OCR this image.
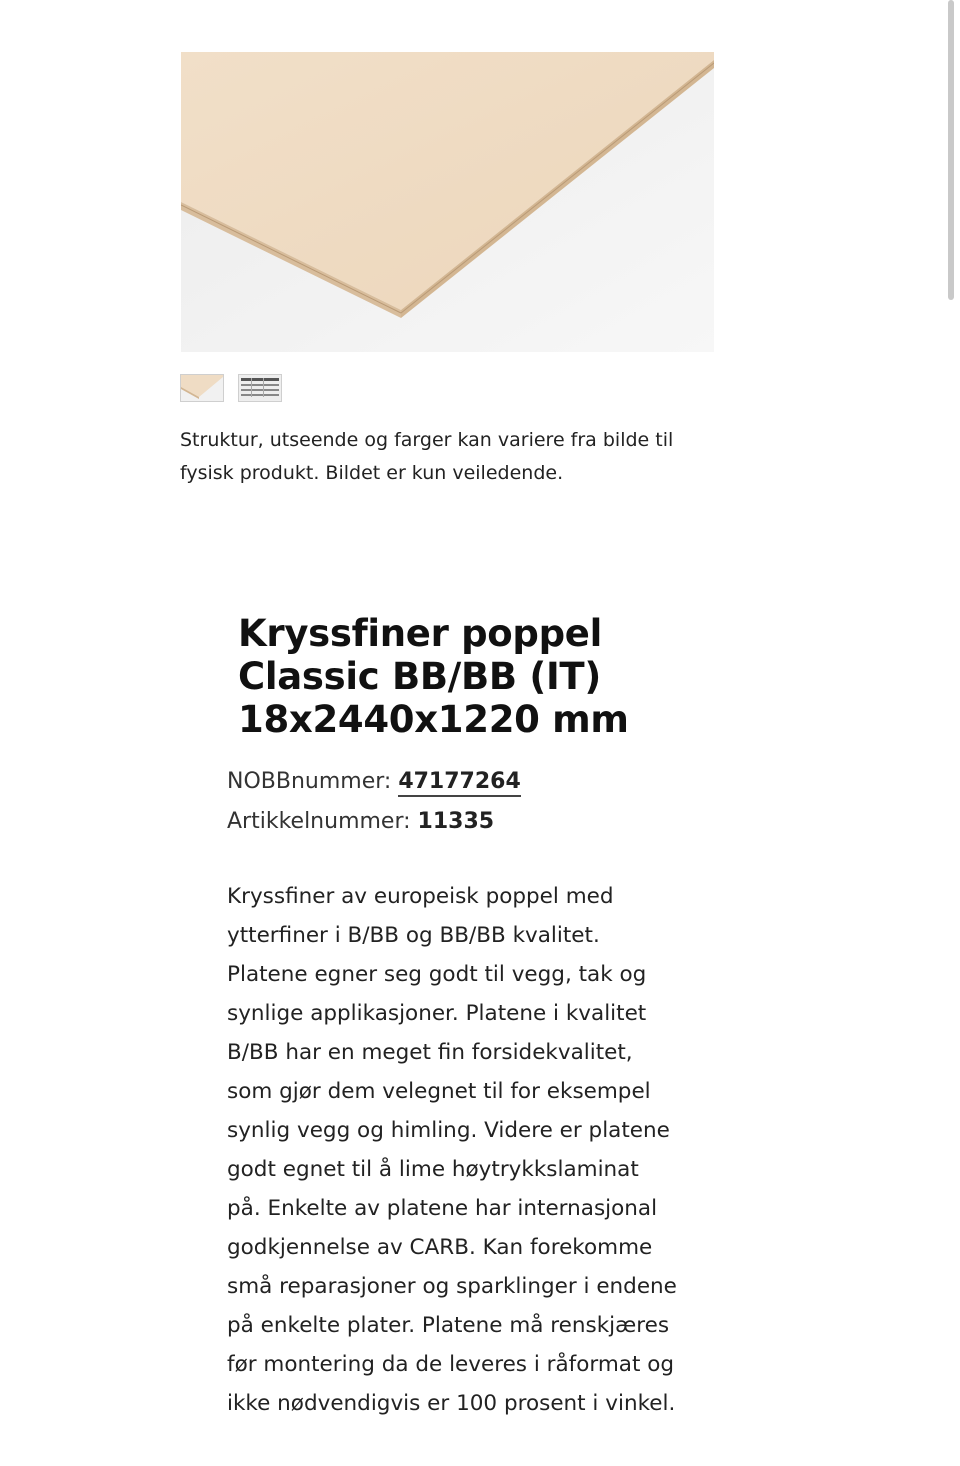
Struktur, utseende og farger kan variere fra bilde til fysisk produkt. Bildet er kun veiledende.
Kryssfiner poppel Classic BB/BB (IT) 18x2440x1220 mm
NOBBnummer: 47177264
Artikkelnummer: 11335

Kryssfiner av europeisk poppel med ytterfiner i B/BB og BB/BB kvalitet. Platene egner seg godt til vegg, tak og synlige applikasjoner. Platene i kvalitet B/BB har en meget fin forsidekvalitet, som gjør dem velegnet til for eksempel synlig vegg og himling. Videre er platene godt egnet til å lime høytrykkslaminat på. Enkelte av platene har internasjonal godkjennelse av CARB. Kan forekomme små reparasjoner og sparklinger i endene på enkelte plater. Platene må renskjæres før montering da de leveres i råformat og ikke nødvendigvis er 100 prosent i vinkel.
